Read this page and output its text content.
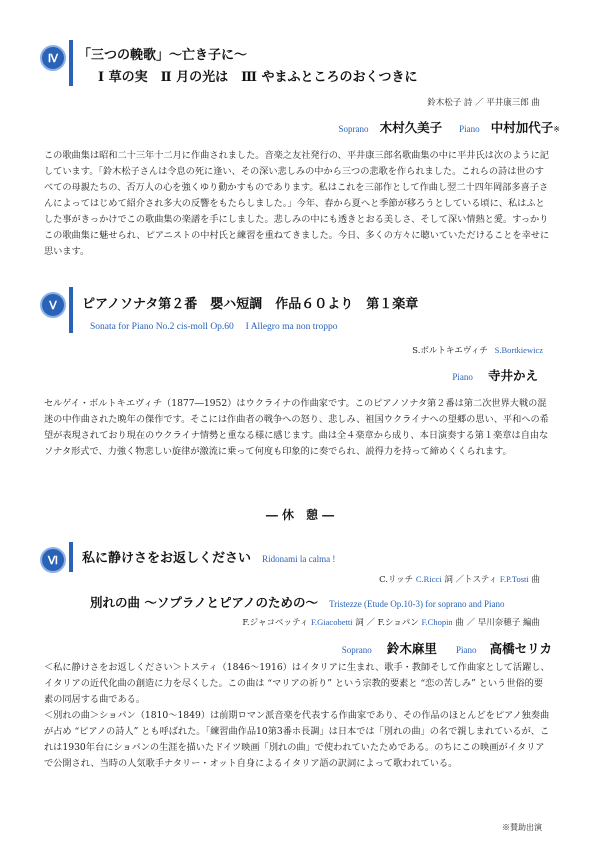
Ⅳ	「三つの輓歌」～亡き子に～
Ⅰ 草の実　Ⅱ 月の光は　Ⅲ やまふところのおくつきに
鈴木松子 詩 ／ 平井康三郎 曲
Soprano 木村久美子 Piano 中村加代子※
この歌曲集は昭和二十三年十二月に作曲されました。音楽之友社発行の、平井康三郎名歌曲集の中に平井氏は次のように記しています。「鈴木松子さんは令息の死に逢い、その深い悲しみの中から三つの悲歌を作られました。これらの詩は世のすべての母親たちの、否万人の心を強くゆり動かすものであります。私はこれを三部作として作曲し翌二十四年岡部多喜子さんによってはじめて紹介され多大の反響をもたらしました。」今年、春から夏へと季節が移ろうとしている頃に、私はふとした事がきっかけでこの歌曲集の楽譜を手にしました。悲しみの中にも透きとおる美しさ、そして深い情熱と愛。すっかりこの歌曲集に魅せられ、ピアニストの中村氏と練習を重ねてきました。今日、多くの方々に聴いていただけることを幸せに思います。
Ⅴ	ピアノソナタ第２番　嬰ハ短調　作品６０より　第１楽章
Sonata for Piano No.2 cis-moll Op.60　 I Allegro ma non troppo
S.ボルトキエヴィチ S.Bortkiewicz
Piano 寺井かえ
セルゲイ・ボルトキエヴィチ（1877―1952）はウクライナの作曲家です。このピアノソナタ第２番は第二次世界大戦の混迷の中作曲された晩年の傑作です。そこには作曲者の戦争への怒り、悲しみ、祖国ウクライナへの望郷の思い、平和への希望が表現されており現在のウクライナ情勢と重なる様に感じます。曲は全４楽章から成り、本日演奏する第１楽章は自由なソナタ形式で、力強く物悲しい旋律が激流に乗って何度も印象的に奏でられ、説得力を持って締めくくられます。
― 休　憩 ―
Ⅵ	私に静けさをお返しください Ridonami la calma !
C.リッチ C.Ricci 詞 ／トスティ F.P.Tosti 曲
別れの曲 ～ソプラノとピアノのための～ Tristezze (Etude Op.10-3) for soprano and Piano
F.ジャコベッティ F.Giacobetti 詞 ／ F.ショパン F.Chopin 曲 ／ 早川奈穂子 編曲
Soprano 鈴木麻里 Piano 高橋セリカ
＜私に静けさをお返しください＞トスティ（1846～1916）はイタリアに生まれ、歌手・教師そして作曲家として活躍し、イタリアの近代化曲の創造に力を尽くした。この曲は “マリアの祈り” という宗教的要素と “恋の苦しみ” という世俗的要素の同居する曲である。
＜別れの曲＞ショパン（1810～1849）は前期ロマン派音楽を代表する作曲家であり、その作品のほとんどをピアノ独奏曲が占め “ピアノの詩人” とも呼ばれた。「練習曲作品10第3番ホ長調」は日本では「別れの曲」の名で親しまれているが、これは1930年台にショパンの生涯を描いたドイツ映画「別れの曲」で使われていたためである。のちにこの映画がイタリアで公開され、当時の人気歌手ナタリー・オット自身によるイタリア語の訳詞によって歌われている。
※賛助出演
